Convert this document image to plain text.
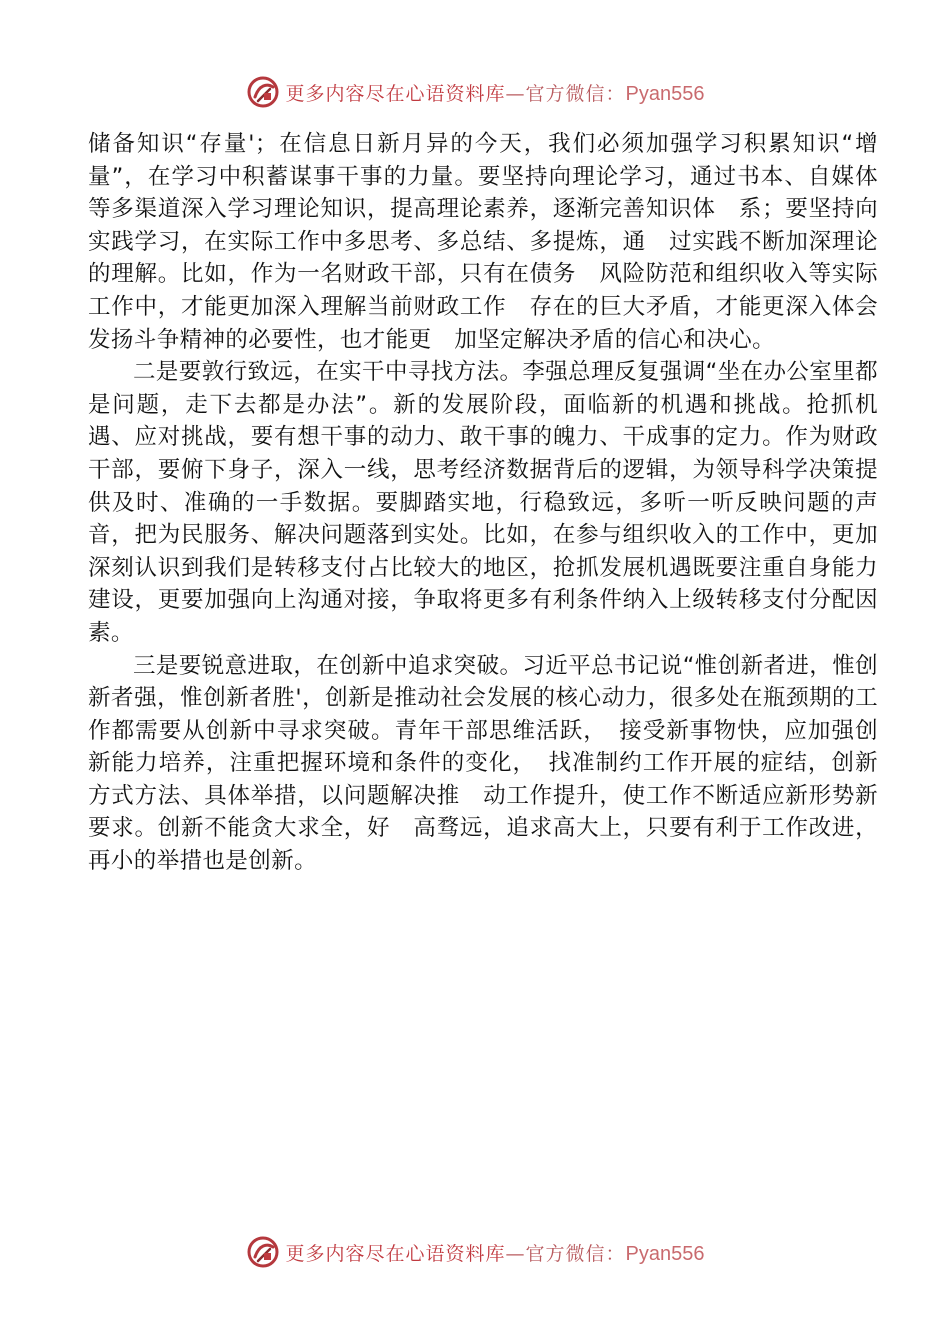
更多内容尽在心语资料库—官方微信：Pyan556

储备知识“存量'；在信息日新月异的今天，我们必须加强学习积累知识“增量”，在学习中积蓄谋事干事的力量。要坚持向理论学习，通过书本、自媒体等多渠道深入学习理论知识，提高理论素养，逐渐完善知识体　系；要坚持向实践学习，在实际工作中多思考、多总结、多提炼，通　过实践不断加深理论的理解。比如，作为一名财政干部，只有在债务　风险防范和组织收入等实际工作中，才能更加深入理解当前财政工作　存在的巨大矛盾，才能更深入体会发扬斗争精神的必要性，也才能更　加坚定解决矛盾的信心和决心。

二是要敦行致远，在实干中寻找方法。李强总理反复强调“坐在办公室里都是问题，走下去都是办法”。新的发展阶段，面临新的机遇和挑战。抢抓机遇、应对挑战，要有想干事的动力、敢干事的魄力、干成事的定力。作为财政干部，要俯下身子，深入一线，思考经济数据背后的逻辑，为领导科学决策提供及时、准确的一手数据。要脚踏实地，行稳致远，多听一听反映问题的声音，把为民服务、解决问题落到实处。比如，在参与组织收入的工作中，更加深刻认识到我们是转移支付占比较大的地区，抢抓发展机遇既要注重自身能力建设，更要加强向上沟通对接，争取将更多有利条件纳入上级转移支付分配因素。

三是要锐意进取，在创新中追求突破。习近平总书记说“惟创新者进，惟创新者强，惟创新者胜'，创新是推动社会发展的核心动力，很多处在瓶颈期的工作都需要从创新中寻求突破。青年干部思维活跃，　接受新事物快，应加强创新能力培养，注重把握环境和条件的变化，　找准制约工作开展的症结，创新方式方法、具体举措，以问题解决推　动工作提升，使工作不断适应新形势新要求。创新不能贪大求全，好　高骛远，追求高大上，只要有利于工作改进，再小的举措也是创新。

更多内容尽在心语资料库—官方微信：Pyan556
